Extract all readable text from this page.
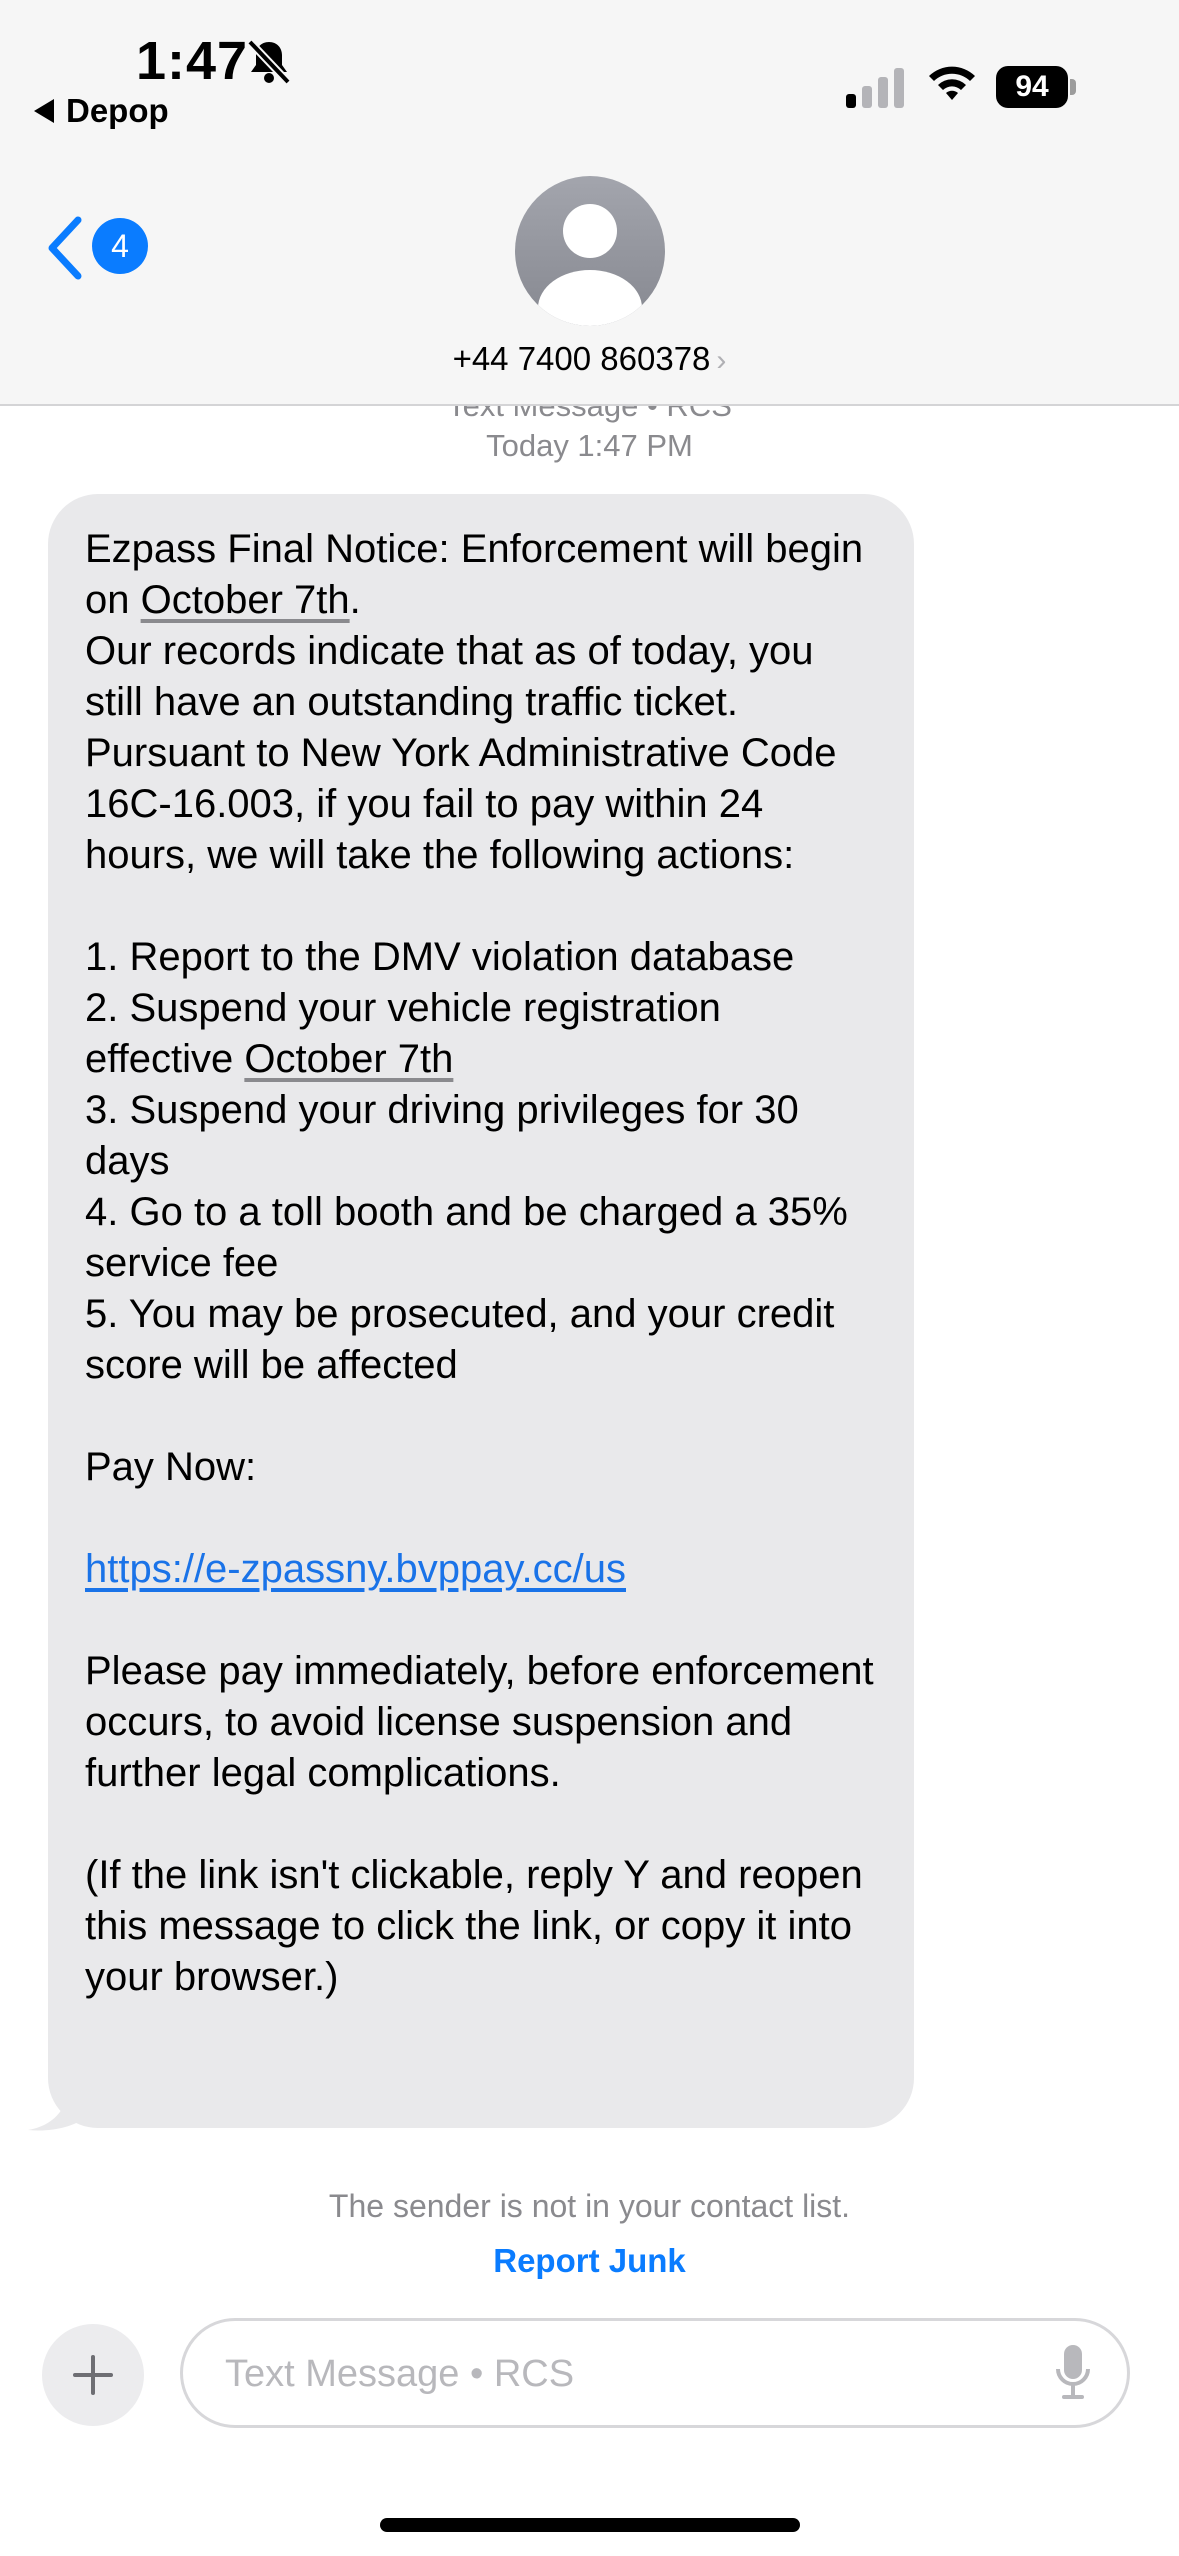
1:47
Depop
94
4
+44 7400 860378 ›
Today 1:47 PM

Ezpass Final Notice: Enforcement will begin on October 7th.
Our records indicate that as of today, you still have an outstanding traffic ticket. Pursuant to New York Administrative Code 16C-16.003, if you fail to pay within 24 hours, we will take the following actions:

1. Report to the DMV violation database

2. Suspend your vehicle registration effective October 7th

3. Suspend your driving privileges for 30 days

4. Go to a toll booth and be charged a 35% service fee

5. You may be prosecuted, and your credit score will be affected

Pay Now:

https://e-zpassny.bvppay.cc/us

Please pay immediately, before enforcement occurs, to avoid license suspension and further legal complications.

(If the link isn't clickable, reply Y and reopen this message to click the link, or copy it into your browser.)

The sender is not in your contact list.
Report Junk
Text Message • RCS
